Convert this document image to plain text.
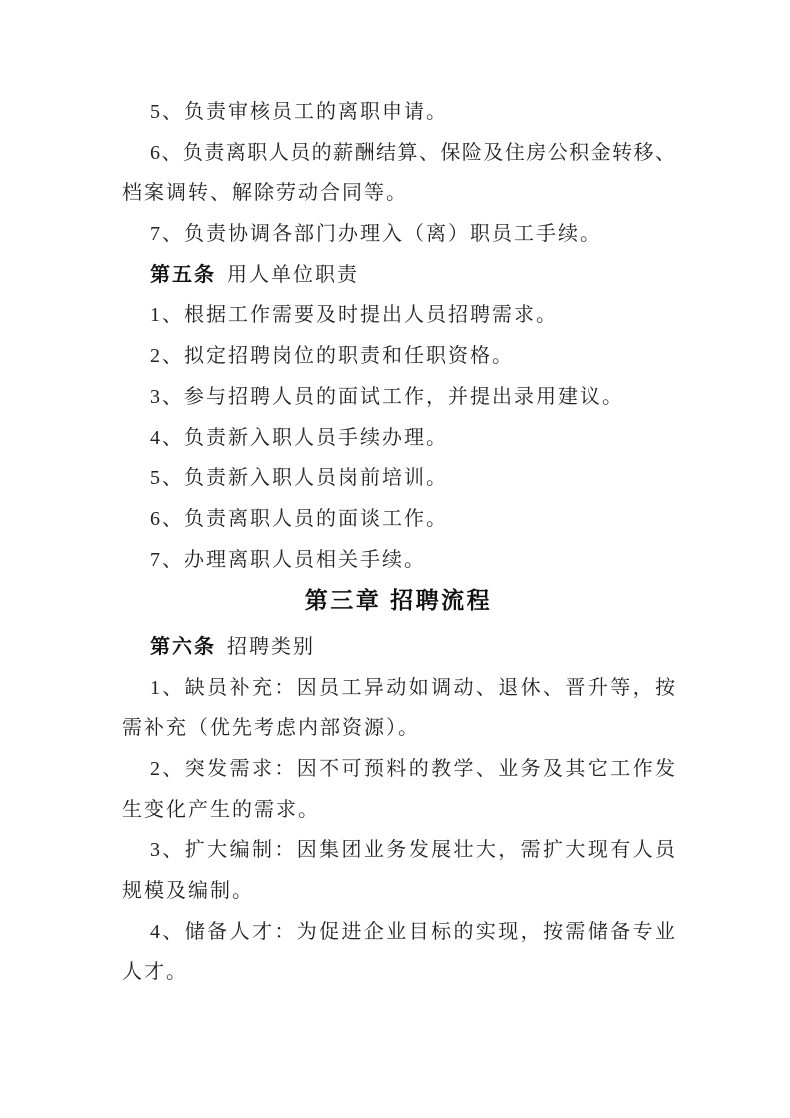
5、负责审核员工的离职申请。
6、负责离职人员的薪酬结算、保险及住房公积金转移、
档案调转、解除劳动合同等。
7、负责协调各部门办理入（离）职员工手续。
第五条 用人单位职责
1、根据工作需要及时提出人员招聘需求。
2、拟定招聘岗位的职责和任职资格。
3、参与招聘人员的面试工作，并提出录用建议。
4、负责新入职人员手续办理。
5、负责新入职人员岗前培训。
6、负责离职人员的面谈工作。
7、办理离职人员相关手续。
第三章 招聘流程
第六条 招聘类别
1、缺员补充：因员工异动如调动、退休、晋升等，按
需补充（优先考虑内部资源）。
2、突发需求：因不可预料的教学、业务及其它工作发
生变化产生的需求。
3、扩大编制：因集团业务发展壮大，需扩大现有人员
规模及编制。
4、储备人才：为促进企业目标的实现，按需储备专业
人才。
